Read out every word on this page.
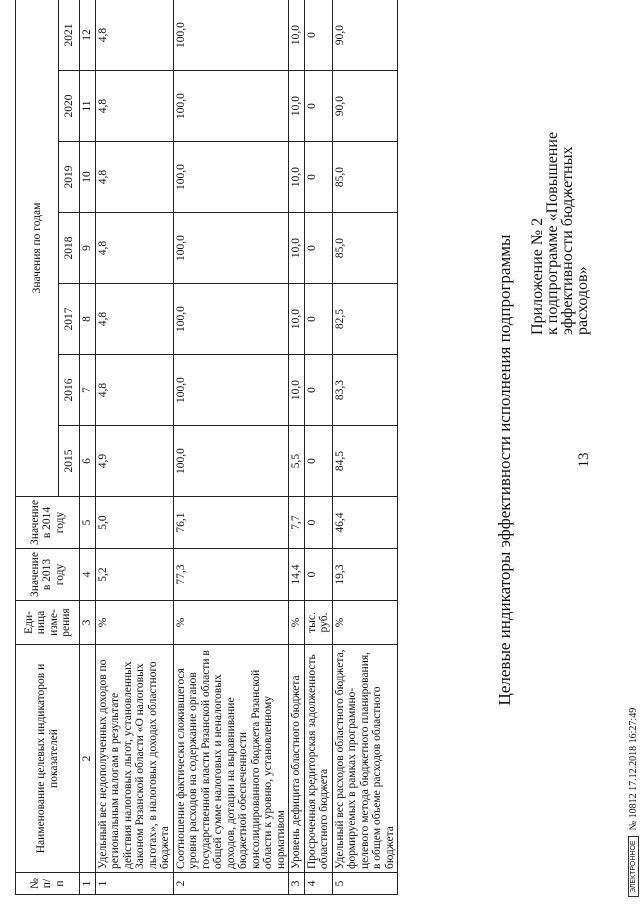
13
Приложение № 2
к подпрограмме «Повышение
эффективности бюджетных
расходов»
Целевые индикаторы эффективности исполнения подпрограммы
№ п/п	Наименование целевых индикаторов и показателей	Еди-ница изме-рения	Значение в 2013 году	Значение в 2014 году	Значения по годам						
					2015	2016	2017	2018	2019	2020	2021
1	2	3	4	5	6	7	8	9	10	11	12
1	Удельный вес недополученных доходов по региональным налогам в результате действия налоговых льгот, установленных Законом Рязанской области «О налоговых льготах», в налоговых доходах областного бюджета	%	5,2	5,0	4,9	4,8	4,8	4,8	4,8	4,8	4,8
2	Соотношение фактически сложившегося уровня расходов на содержание органов государственной власти Рязанской области в общей сумме налоговых и неналоговых доходов, дотации на выравнивание бюджетной обеспеченности консолидированного бюджета Рязанской области к уровню, установленному нормативом	%	77,3	76,1	100,0	100,0	100,0	100,0	100,0	100,0	100,0
3	Уровень дефицита областного бюджета	%	14,4	7,7	5,5	10,0	10,0	10,0	10,0	10,0	10,0
4	Просроченная кредиторская задолженность областного бюджета	тыс. руб.	0	0	0	0	0	0	0	0	0
5	Удельный вес расходов областного бюджета, формируемых в рамках программно-целевого метода бюджетного планирования, в общем объеме расходов областного бюджета	%	19,3	46,4	84,5	83,3	82,5	85,0	85,0	90,0	90,0
ЭЛЕКТРОННОЕ№ 10812 17.12.2018 16:27:49
